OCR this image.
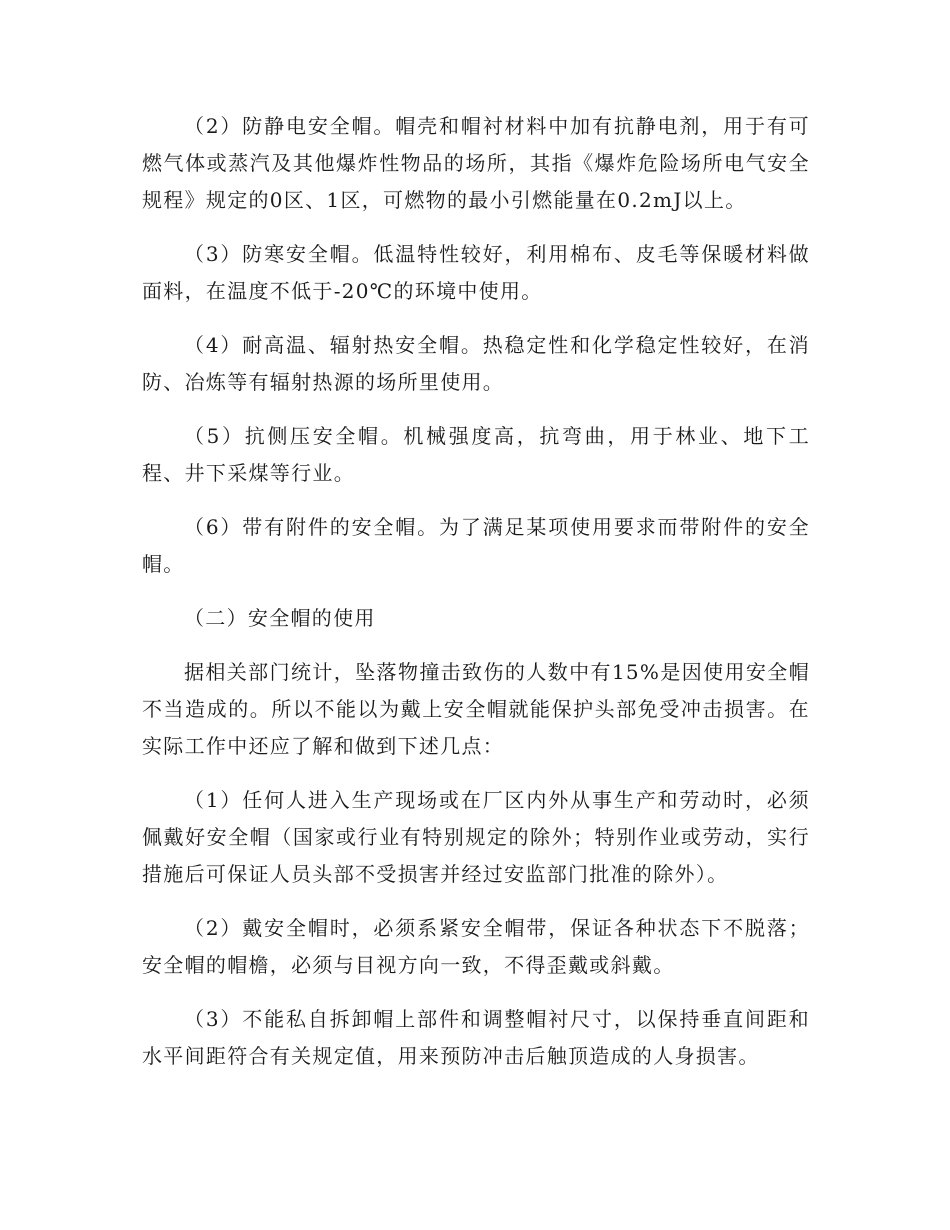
（2）防静电安全帽。帽壳和帽衬材料中加有抗静电剂，用于有可燃气体或蒸汽及其他爆炸性物品的场所，其指《爆炸危险场所电气安全规程》规定的0区、1区，可燃物的最小引燃能量在0.2mJ以上。

（3）防寒安全帽。低温特性较好，利用棉布、皮毛等保暖材料做面料，在温度不低于-20℃的环境中使用。

（4）耐高温、辐射热安全帽。热稳定性和化学稳定性较好，在消防、冶炼等有辐射热源的场所里使用。

（5）抗侧压安全帽。机械强度高，抗弯曲，用于林业、地下工程、井下采煤等行业。

（6）带有附件的安全帽。为了满足某项使用要求而带附件的安全帽。

（二）安全帽的使用

据相关部门统计，坠落物撞击致伤的人数中有15%是因使用安全帽不当造成的。所以不能以为戴上安全帽就能保护头部免受冲击损害。在实际工作中还应了解和做到下述几点：

（1）任何人进入生产现场或在厂区内外从事生产和劳动时，必须佩戴好安全帽（国家或行业有特别规定的除外；特别作业或劳动，实行措施后可保证人员头部不受损害并经过安监部门批准的除外）。

（2）戴安全帽时，必须系紧安全帽带，保证各种状态下不脱落；安全帽的帽檐，必须与目视方向一致，不得歪戴或斜戴。

（3）不能私自拆卸帽上部件和调整帽衬尺寸，以保持垂直间距和水平间距符合有关规定值，用来预防冲击后触顶造成的人身损害。
